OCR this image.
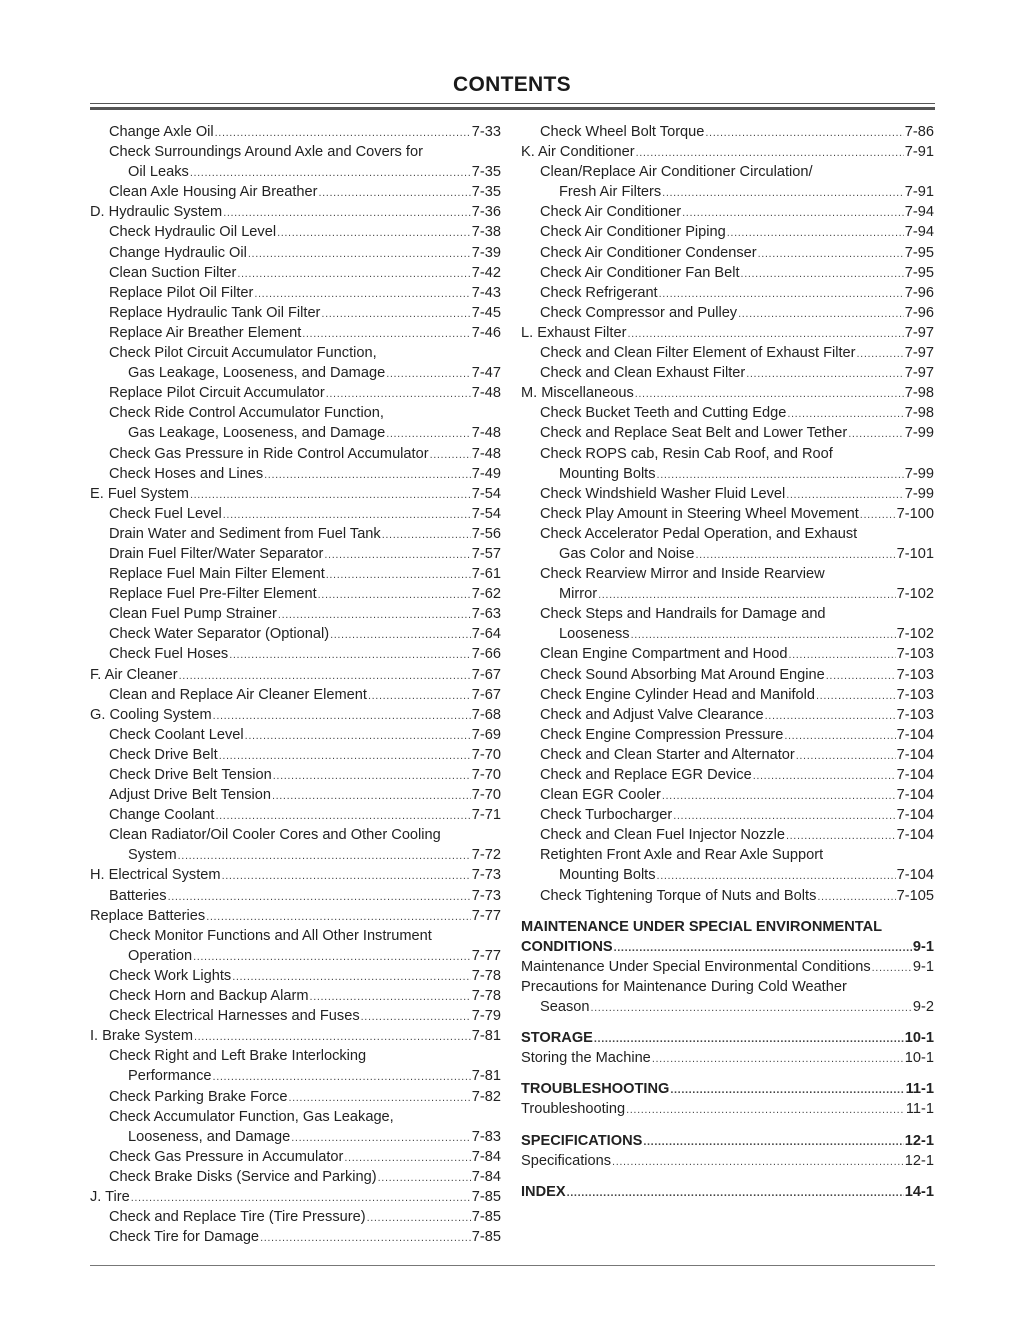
CONTENTS
Change Axle Oil .....	7-33
Check Surroundings Around Axle and Covers for
Oil Leaks .....	7-35
Clean Axle Housing Air Breather .....	7-35
D. Hydraulic System .....	7-36
Check Hydraulic Oil Level .....	7-38
Change Hydraulic Oil .....	7-39
Clean Suction Filter .....	7-42
Replace Pilot Oil Filter .....	7-43
Replace Hydraulic Tank Oil Filter .....	7-45
Replace Air Breather Element .....	7-46
Check Pilot Circuit Accumulator Function,
Gas Leakage, Looseness, and Damage .....	7-47
Replace Pilot Circuit Accumulator .....	7-48
Check Ride Control Accumulator Function,
Gas Leakage, Looseness, and Damage .....	7-48
Check Gas Pressure in Ride Control Accumulator .....	7-48
Check Hoses and Lines .....	7-49
E. Fuel System .....	7-54
Check Fuel Level .....	7-54
Drain Water and Sediment from Fuel Tank .....	7-56
Drain Fuel Filter/Water Separator .....	7-57
Replace Fuel Main Filter Element .....	7-61
Replace Fuel Pre-Filter Element .....	7-62
Clean Fuel Pump Strainer .....	7-63
Check Water Separator (Optional) .....	7-64
Check Fuel Hoses .....	7-66
F. Air Cleaner .....	7-67
Clean and Replace Air Cleaner Element .....	7-67
G. Cooling System .....	7-68
Check Coolant Level .....	7-69
Check Drive Belt .....	7-70
Check Drive Belt Tension .....	7-70
Adjust Drive Belt Tension .....	7-70
Change Coolant .....	7-71
Clean Radiator/Oil Cooler Cores and Other Cooling
System .....	7-72
H. Electrical System .....	7-73
Batteries .....	7-73
Replace Batteries .....	7-77
Check Monitor Functions and All Other Instrument
Operation .....	7-77
Check Work Lights .....	7-78
Check Horn and Backup Alarm .....	7-78
Check Electrical Harnesses and Fuses .....	7-79
I. Brake System .....	7-81
Check Right and Left Brake Interlocking
Performance .....	7-81
Check Parking Brake Force .....	7-82
Check Accumulator Function, Gas Leakage,
Looseness, and Damage .....	7-83
Check Gas Pressure in Accumulator .....	7-84
Check Brake Disks (Service and Parking) .....	7-84
J. Tire .....	7-85
Check and Replace Tire (Tire Pressure) .....	7-85
Check Tire for Damage .....	7-85
Check Wheel Bolt Torque .....	7-86
K. Air Conditioner .....	7-91
Clean/Replace Air Conditioner Circulation/
Fresh Air Filters .....	7-91
Check Air Conditioner .....	7-94
Check Air Conditioner Piping .....	7-94
Check Air Conditioner Condenser .....	7-95
Check Air Conditioner Fan Belt .....	7-95
Check Refrigerant .....	7-96
Check Compressor and Pulley .....	7-96
L. Exhaust Filter .....	7-97
Check and Clean Filter Element of Exhaust Filter .....	7-97
Check and Clean Exhaust Filter .....	7-97
M. Miscellaneous .....	7-98
Check Bucket Teeth and Cutting Edge .....	7-98
Check and Replace Seat Belt and Lower Tether .....	7-99
Check ROPS cab, Resin Cab Roof, and Roof
Mounting Bolts .....	7-99
Check Windshield Washer Fluid Level .....	7-99
Check Play Amount in Steering Wheel Movement .....	7-100
Check Accelerator Pedal Operation, and Exhaust
Gas Color and Noise .....	7-101
Check Rearview Mirror and Inside Rearview
Mirror .....	7-102
Check Steps and Handrails for Damage and
Looseness .....	7-102
Clean Engine Compartment and Hood .....	7-103
Check Sound Absorbing Mat Around Engine .....	7-103
Check Engine Cylinder Head and Manifold .....	7-103
Check and Adjust Valve Clearance .....	7-103
Check Engine Compression Pressure .....	7-104
Check and Clean Starter and Alternator .....	7-104
Check and Replace EGR Device .....	7-104
Clean EGR Cooler .....	7-104
Check Turbocharger .....	7-104
Check and Clean Fuel Injector Nozzle .....	7-104
Retighten Front Axle and Rear Axle Support
Mounting Bolts .....	7-104
Check Tightening Torque of Nuts and Bolts .....	7-105
MAINTENANCE UNDER SPECIAL ENVIRONMENTAL
CONDITIONS .....	9-1
Maintenance Under Special Environmental Conditions .....	9-1
Precautions for Maintenance During Cold Weather
Season .....	9-2
STORAGE .....	10-1
Storing the Machine .....	10-1
TROUBLESHOOTING .....	11-1
Troubleshooting .....	11-1
SPECIFICATIONS .....	12-1
Specifications .....	12-1
INDEX .....	14-1
